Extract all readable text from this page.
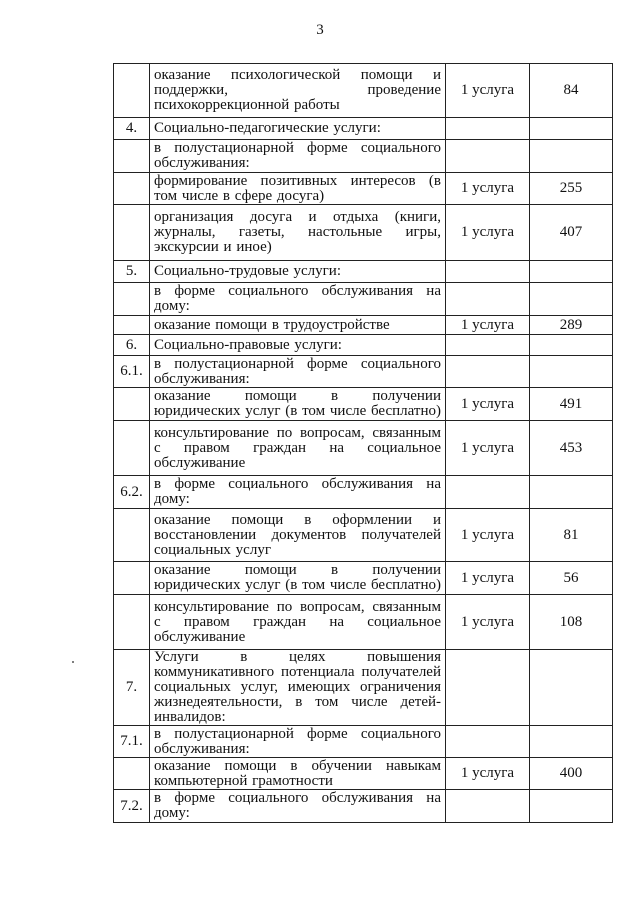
3
	оказание психологической помощи и поддержки, проведение психокоррекционной работы	1 услуга	84
4.	Социально-педагогические услуги:		
	в полустационарной форме социального обслуживания:		
	формирование позитивных интересов (в том числе в сфере досуга)	1 услуга	255
	организация досуга и отдыха (книги, журналы, газеты, настольные игры, экскурсии и иное)	1 услуга	407
5.	Социально-трудовые услуги:		
	в форме социального обслуживания на дому:		
	оказание помощи в трудоустройстве	1 услуга	289
6.	Социально-правовые услуги:		
6.1.	в полустационарной форме социального обслуживания:		
	оказание помощи в получении юридических услуг (в том числе бесплатно)	1 услуга	491
	консультирование по вопросам, связанным с правом граждан на социальное обслуживание	1 услуга	453
6.2.	в форме социального обслуживания на дому:		
	оказание помощи в оформлении и восстановлении документов получателей социальных услуг	1 услуга	81
	оказание помощи в получении юридических услуг (в том числе бесплатно)	1 услуга	56
	консультирование по вопросам, связанным с правом граждан на социальное обслуживание	1 услуга	108
7.	Услуги в целях повышения коммуникативного потенциала получателей социальных услуг, имеющих ограничения жизнедеятельности, в том числе детей-инвалидов:		
7.1.	в полустационарной форме социального обслуживания:		
	оказание помощи в обучении навыкам компьютерной грамотности	1 услуга	400
7.2.	в форме социального обслуживания на дому:		
